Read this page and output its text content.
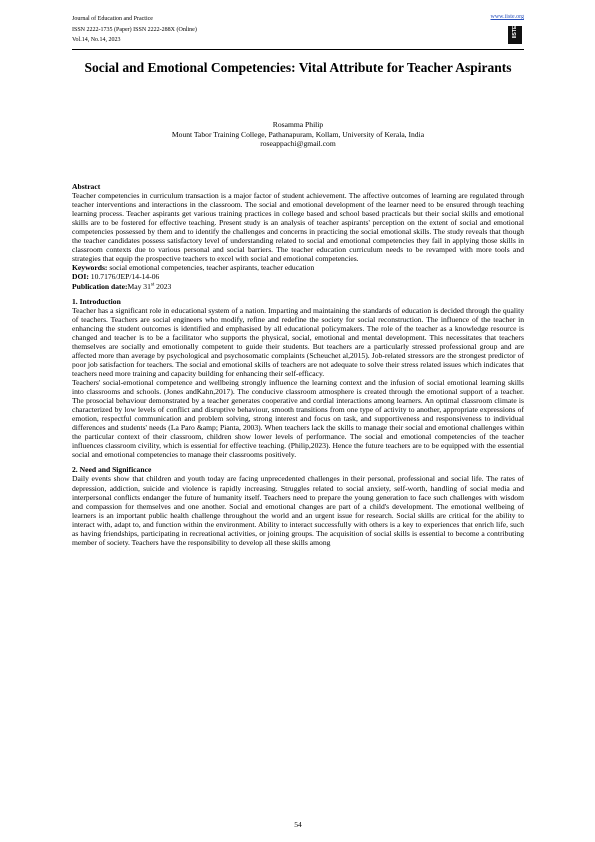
Journal of Education and Practice
ISSN 2222-1735 (Paper) ISSN 2222-288X (Online)
Vol.14, No.14, 2023
www.iiste.org
IISTE
Social and Emotional Competencies: Vital Attribute for Teacher Aspirants
Rosamma Philip
Mount Tabor Training College, Pathanapuram, Kollam, University of Kerala, India
roseappachi@gmail.com

Abstract

Teacher competencies in curriculum transaction is a major factor of student achievement. The affective outcomes of learning are regulated through teacher interventions and interactions in the classroom. The social and emotional development of the learner need to be ensured through teaching learning process. Teacher aspirants get various training practices in college based and school based practicals but their social skills and emotional skills are to be fostered for effective teaching. Present study is an analysis of teacher aspirants' perception on the extent of social and emotional competencies possessed by them and to identify the challenges and concerns in practicing the social emotional skills. The study reveals that though the teacher candidates possess satisfactory level of understanding related to social and emotional competencies they fail in applying those skills in classroom contexts due to various personal and social barriers. The teacher education curriculum needs to be revamped with more tools and strategies that equip the prospective teachers to excel with social and emotional competencies.

Keywords: social emotional competencies, teacher aspirants, teacher education

DOI: 10.7176/JEP/14-14-06

Publication date:May 31st 2023

1. Introduction

Teacher has a significant role in educational system of a nation. Imparting and maintaining the standards of education is decided through the quality of teachers. Teachers are social engineers who modify, refine and redefine the society for social reconstruction. The influence of the teacher in enhancing the student outcomes is identified and emphasised by all educational policymakers. The role of the teacher as a knowledge resource is changed and teacher is to be a facilitator who supports the physical, social, emotional and mental development. This necessitates that teachers themselves are socially and emotionally competent to guide their students. But teachers are a particularly stressed professional group and are affected more than average by psychological and psychosomatic complaints (Scheuchet al,2015). Job-related stressors are the strongest predictor of poor job satisfaction for teachers. The social and emotional skills of teachers are not adequate to solve their stress related issues which indicates that teachers need more training and capacity building for enhancing their self-efficacy.

Teachers' social-emotional competence and wellbeing strongly influence the learning context and the infusion of social emotional learning skills into classrooms and schools. (Jones andKahn,2017). The conducive classroom atmosphere is created through the emotional support of a teacher. The prosocial behaviour demonstrated by a teacher generates cooperative and cordial interactions among learners. An optimal classroom climate is characterized by low levels of conflict and disruptive behaviour, smooth transitions from one type of activity to another, appropriate expressions of emotion, respectful communication and problem solving, strong interest and focus on task, and supportiveness and responsiveness to individual differences and students' needs (La Paro &amp; Pianta, 2003). When teachers lack the skills to manage their social and emotional challenges within the particular context of their classroom, children show lower levels of performance. The social and emotional competencies of the teacher influences classroom civility, which is essential for effective teaching. (Philip,2023). Hence the future teachers are to be equipped with the essential social and emotional competencies to manage their classrooms positively.

2. Need and Significance

Daily events show that children and youth today are facing unprecedented challenges in their personal, professional and social life. The rates of depression, addiction, suicide and violence is rapidly increasing. Struggles related to social anxiety, self-worth, handling of social media and interpersonal conflicts endanger the future of humanity itself. Teachers need to prepare the young generation to face such challenges with wisdom and compassion for themselves and one another. Social and emotional changes are part of a child's development. The emotional wellbeing of learners is an important public health challenge throughout the world and an urgent issue for research. Social skills are critical for the ability to interact with, adapt to, and function within the environment. Ability to interact successfully with others is a key to experiences that enrich life, such as having friendships, participating in recreational activities, or joining groups. The acquisition of social skills is essential to become a contributing member of society. Teachers have the responsibility to develop all these skills among

54
